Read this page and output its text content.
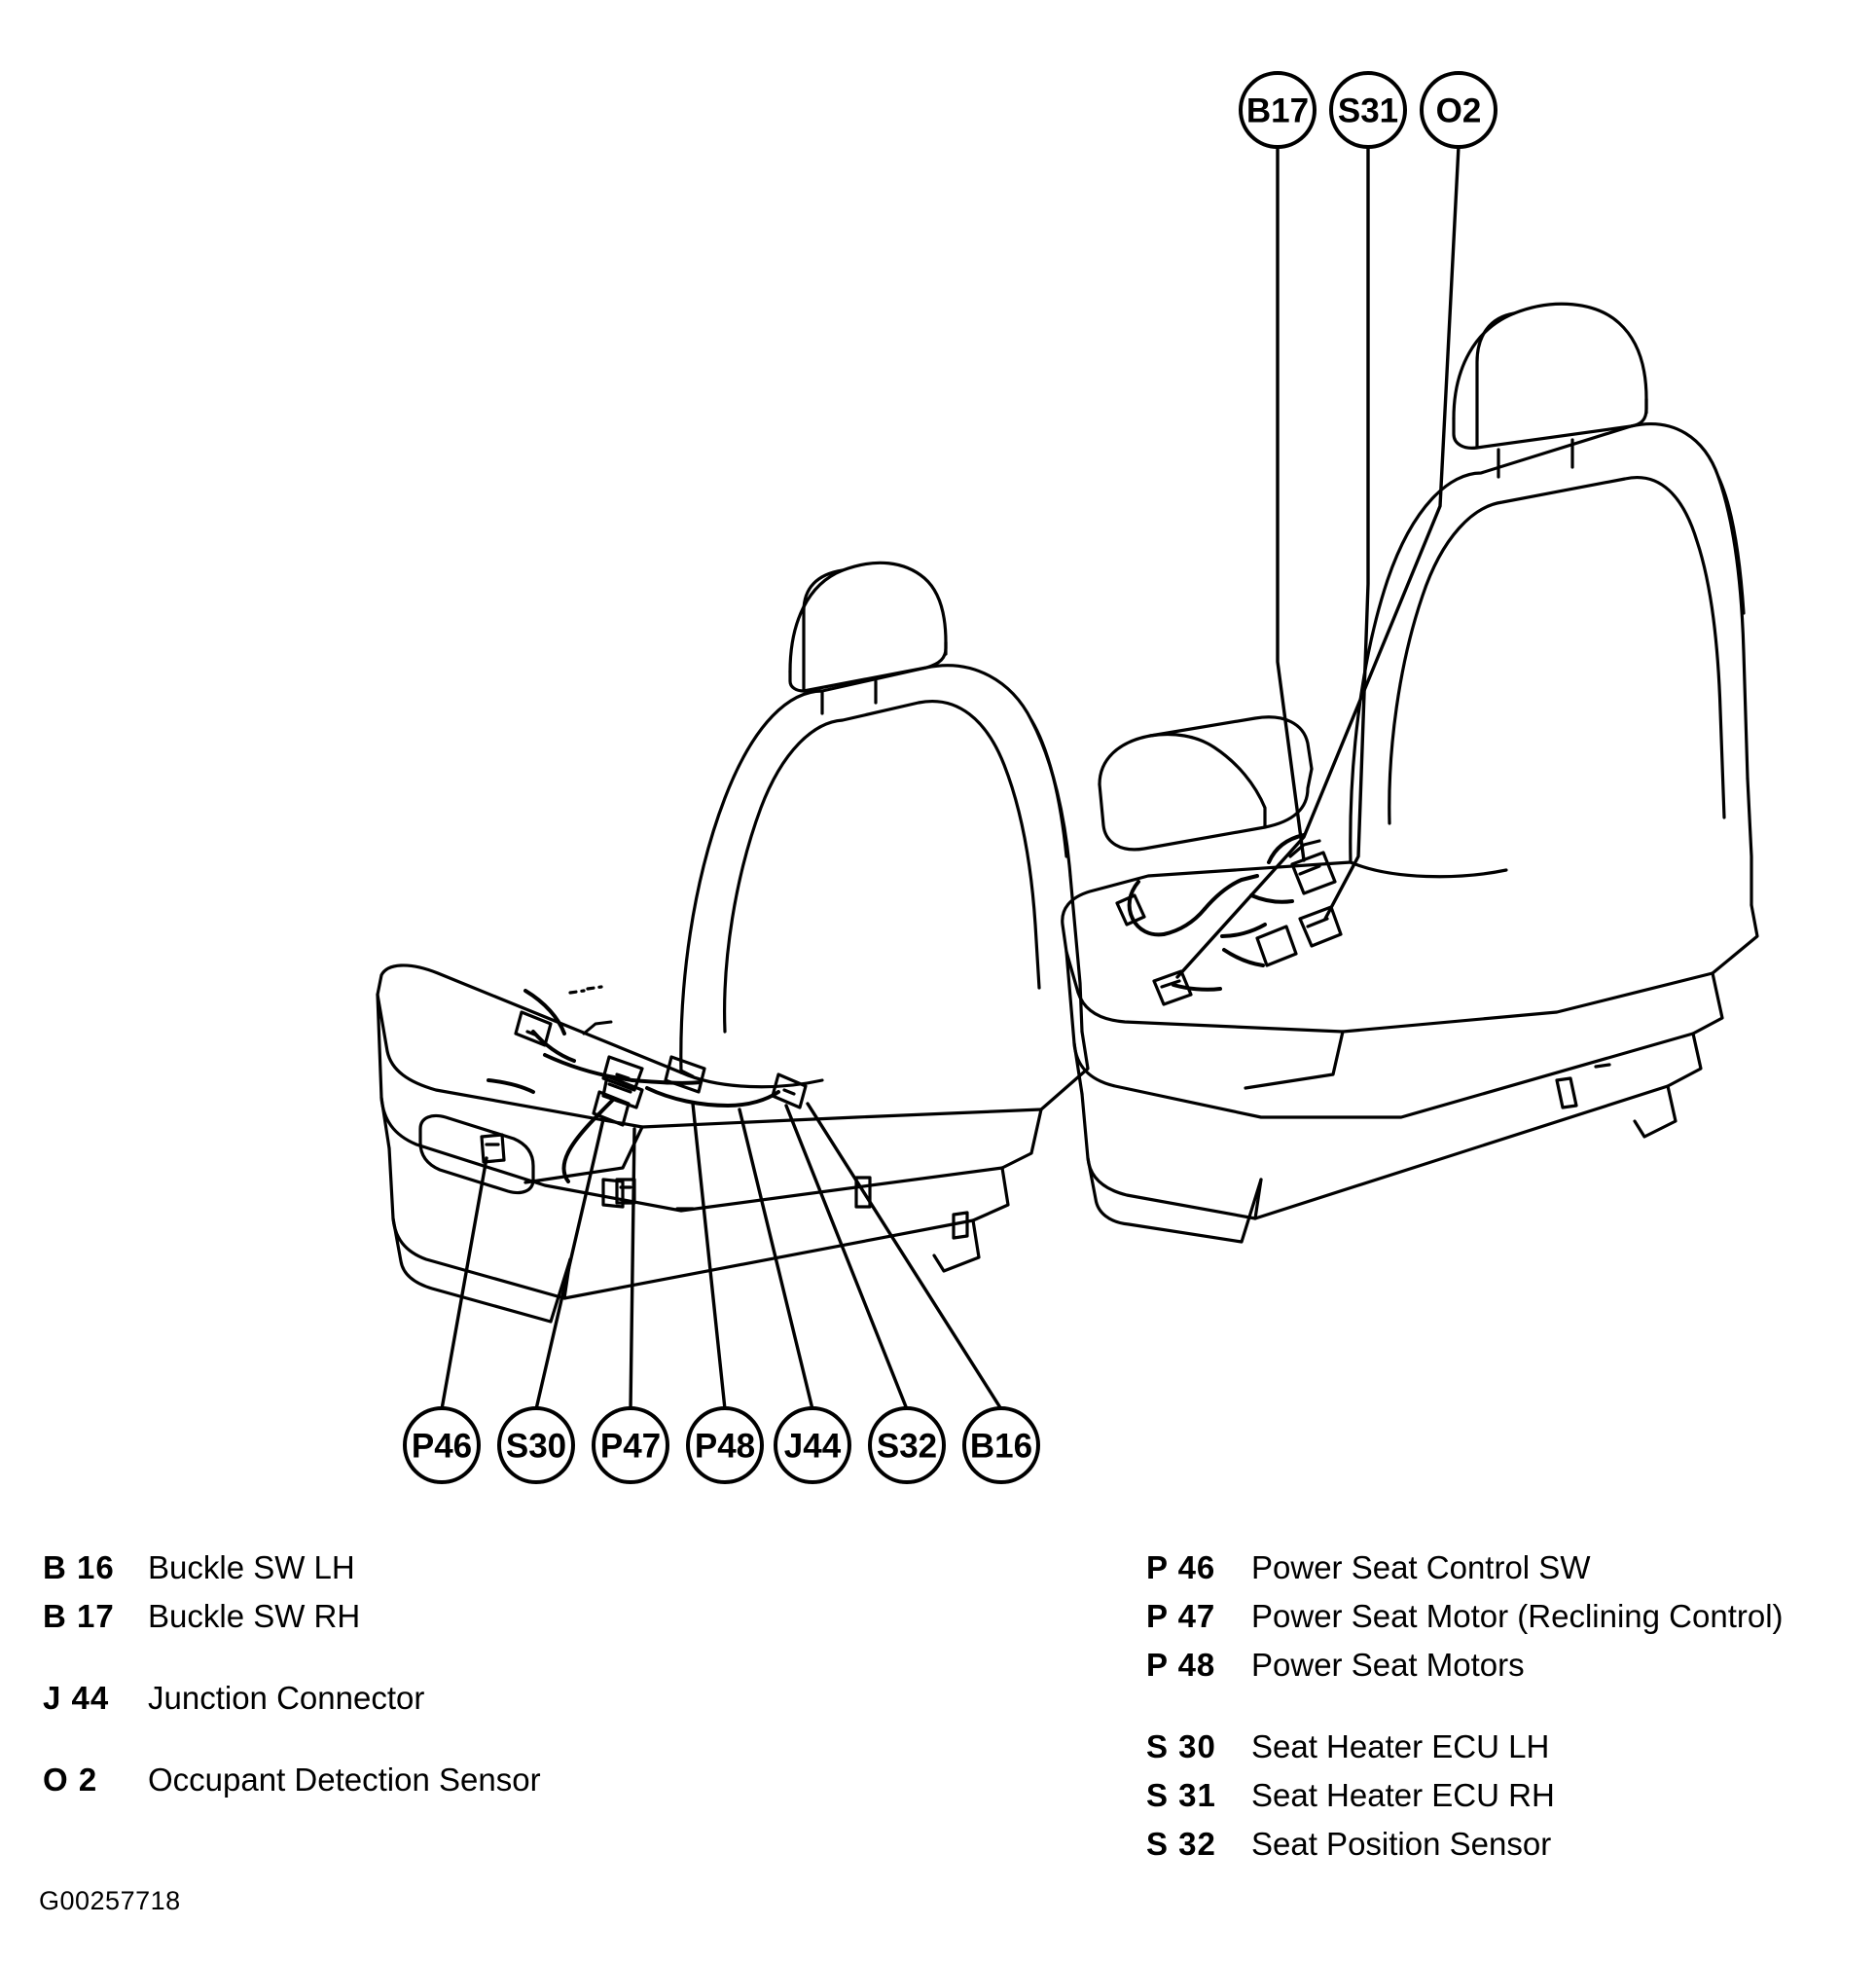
B17 S31 O2
P46 S30 P47 P48 J44 S32 B16
B 16	Buckle SW LH
B 17	Buckle SW RH
J 44	Junction Connector
O 2	Occupant Detection Sensor
P 46	Power Seat Control SW
P 47	Power Seat Motor (Reclining Control)
P 48	Power Seat Motors
S 30	Seat Heater ECU LH
S 31	Seat Heater ECU RH
S 32	Seat Position Sensor
G00257718
